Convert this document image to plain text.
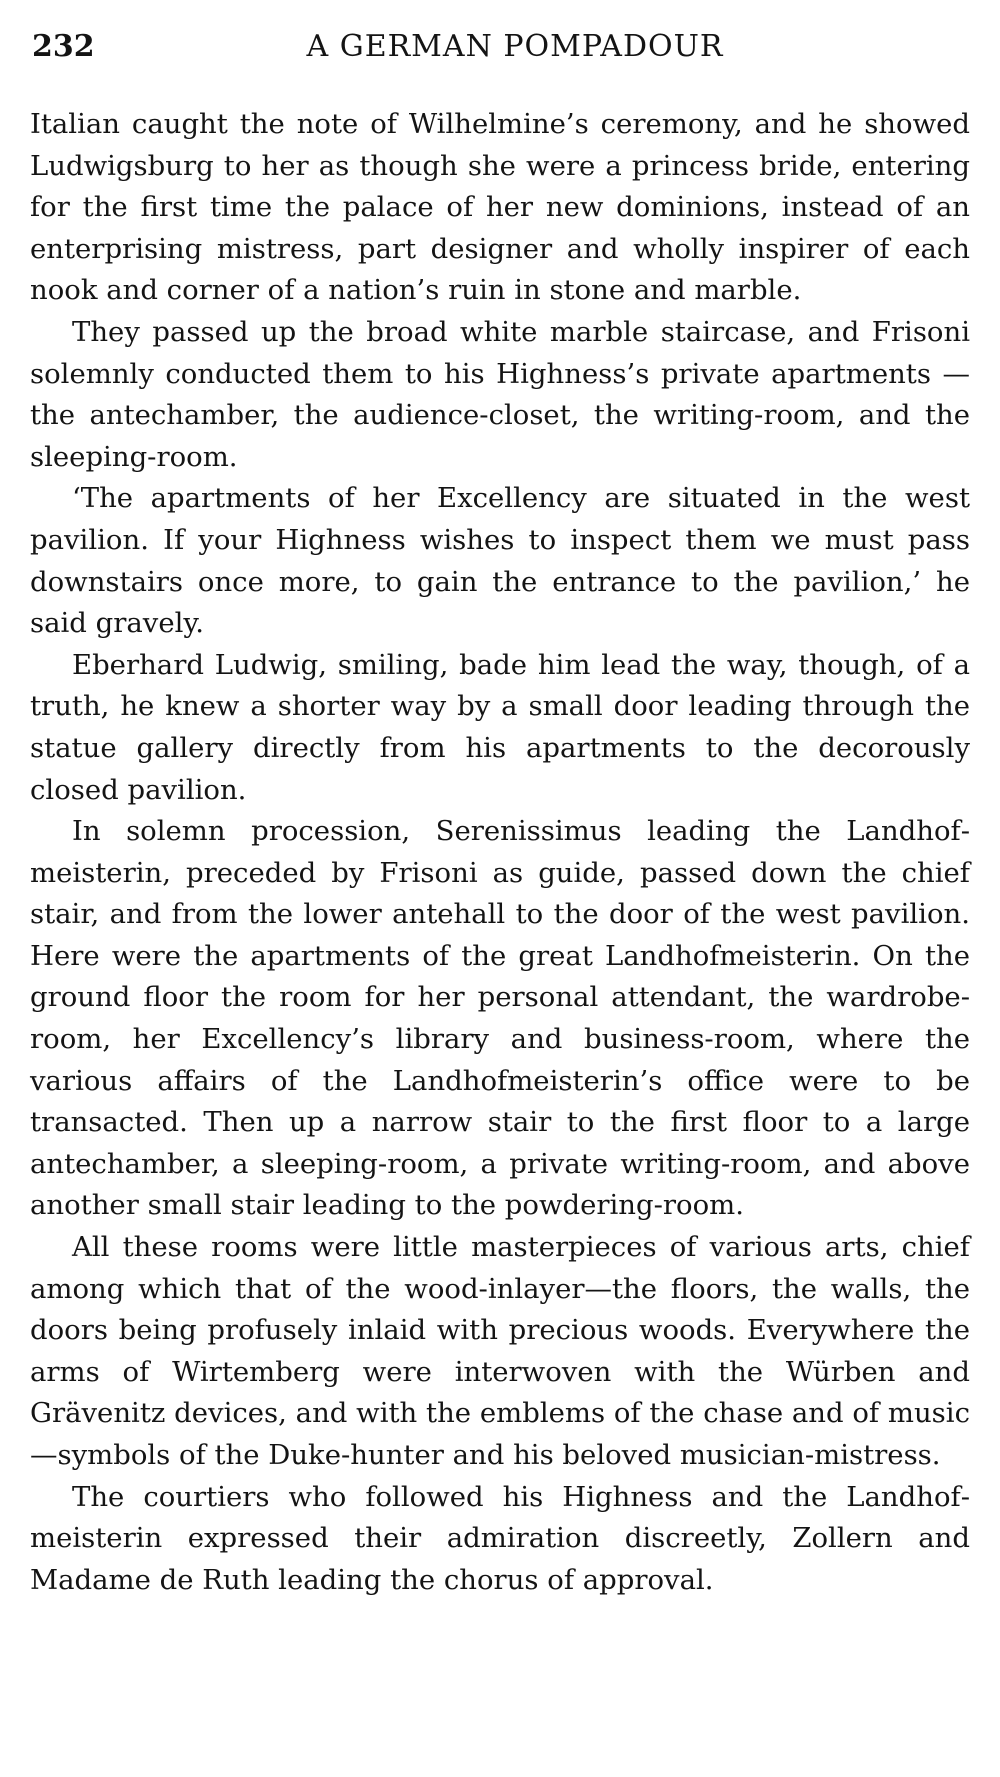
232	A GERMAN POMPADOUR

Italian caught the note of Wilhelmine’s ceremony, and he showed Ludwigsburg to her as though she were a princess bride, entering for the first time the palace of her new dominions, instead of an enterprising mistress, part designer and wholly inspirer of each nook and corner of a nation’s ruin in stone and marble.

They passed up the broad white marble staircase, and Frisoni solemnly conducted them to his Highness’s private apartments — the antechamber, the audience-closet, the writing-room, and the sleeping-room.

‘The apartments of her Excellency are situated in the west pavilion. If your Highness wishes to inspect them we must pass downstairs once more, to gain the entrance to the pavilion,’ he said gravely.

Eberhard Ludwig, smiling, bade him lead the way, though, of a truth, he knew a shorter way by a small door leading through the statue gallery directly from his apartments to the decorously closed pavilion.

In solemn procession, Serenissimus leading the Landhofmeisterin, preceded by Frisoni as guide, passed down the chief stair, and from the lower antehall to the door of the west pavilion. Here were the apartments of the great Landhofmeisterin. On the ground floor the room for her personal attendant, the wardrobe-room, her Excellency’s library and business-room, where the various affairs of the Landhofmeisterin’s office were to be transacted. Then up a narrow stair to the first floor to a large antechamber, a sleeping-room, a private writing-room, and above another small stair leading to the powdering-room.

All these rooms were little masterpieces of various arts, chief among which that of the wood-inlayer—the floors, the walls, the doors being profusely inlaid with precious woods. Everywhere the arms of Wirtemberg were interwoven with the Würben and Grävenitz devices, and with the emblems of the chase and of music—symbols of the Duke-hunter and his beloved musician-mistress.

The courtiers who followed his Highness and the Landhofmeisterin expressed their admiration discreetly, Zollern and Madame de Ruth leading the chorus of approval.
